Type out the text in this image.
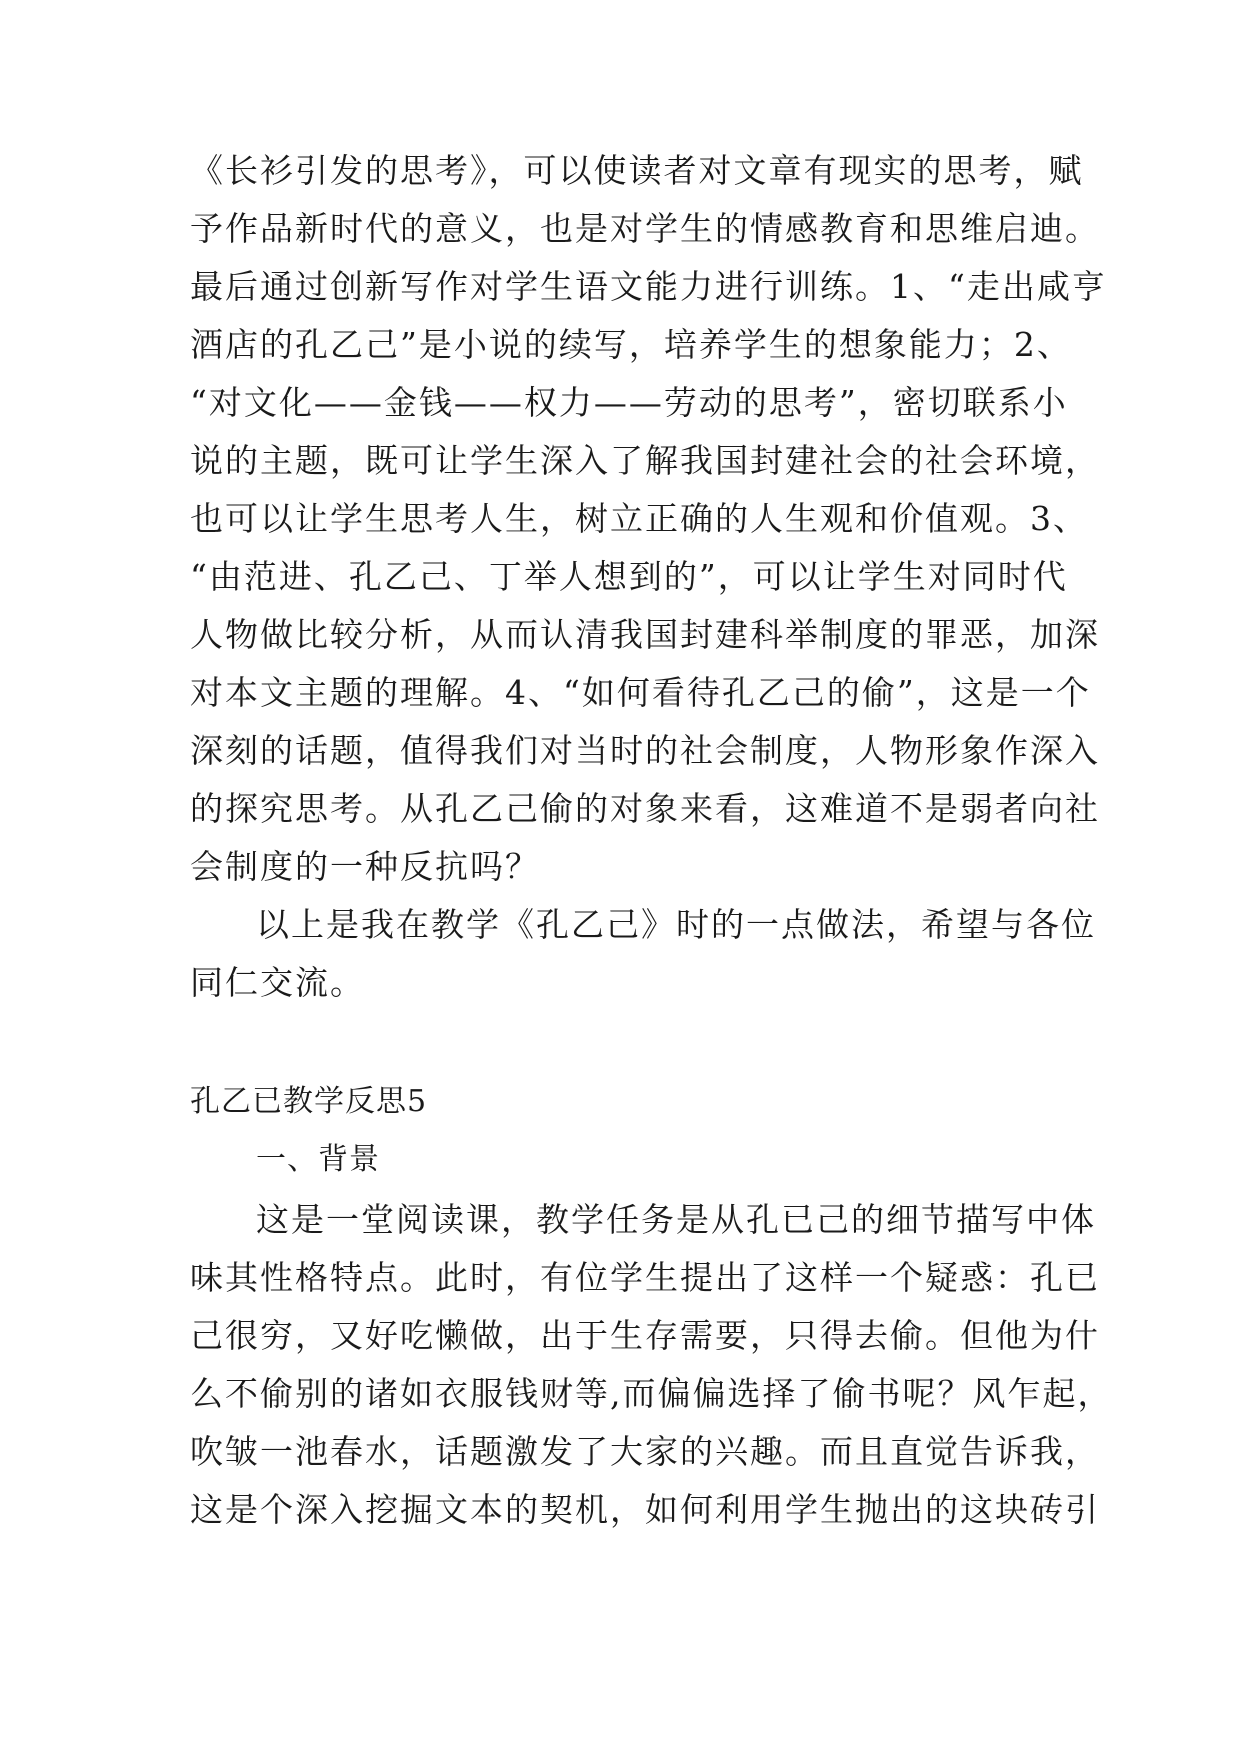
《长衫引发的思考》，可以使读者对文章有现实的思考，赋
予作品新时代的意义，也是对学生的情感教育和思维启迪。
最后通过创新写作对学生语文能力进行训练。1、“走出咸亨
酒店的孔乙己”是小说的续写，培养学生的想象能力；2、
“对文化——金钱——权力——劳动的思考”，密切联系小
说的主题，既可让学生深入了解我国封建社会的社会环境，
也可以让学生思考人生，树立正确的人生观和价值观。3、
“由范进、孔乙己、丁举人想到的”，可以让学生对同时代
人物做比较分析，从而认清我国封建科举制度的罪恶，加深
对本文主题的理解。4、“如何看待孔乙己的偷”，这是一个
深刻的话题，值得我们对当时的社会制度，人物形象作深入
的探究思考。从孔乙己偷的对象来看，这难道不是弱者向社
会制度的一种反抗吗？
以上是我在教学《孔乙己》时的一点做法，希望与各位
同仁交流。
孔乙已教学反思5
一、背景
这是一堂阅读课，教学任务是从孔已己的细节描写中体
味其性格特点。此时，有位学生提出了这样一个疑惑：孔已
己很穷，又好吃懒做，出于生存需要，只得去偷。但他为什
么不偷别的诸如衣服钱财等,而偏偏选择了偷书呢？风乍起，
吹皱一池春水，话题激发了大家的兴趣。而且直觉告诉我，
这是个深入挖掘文本的契机，如何利用学生抛出的这块砖引
